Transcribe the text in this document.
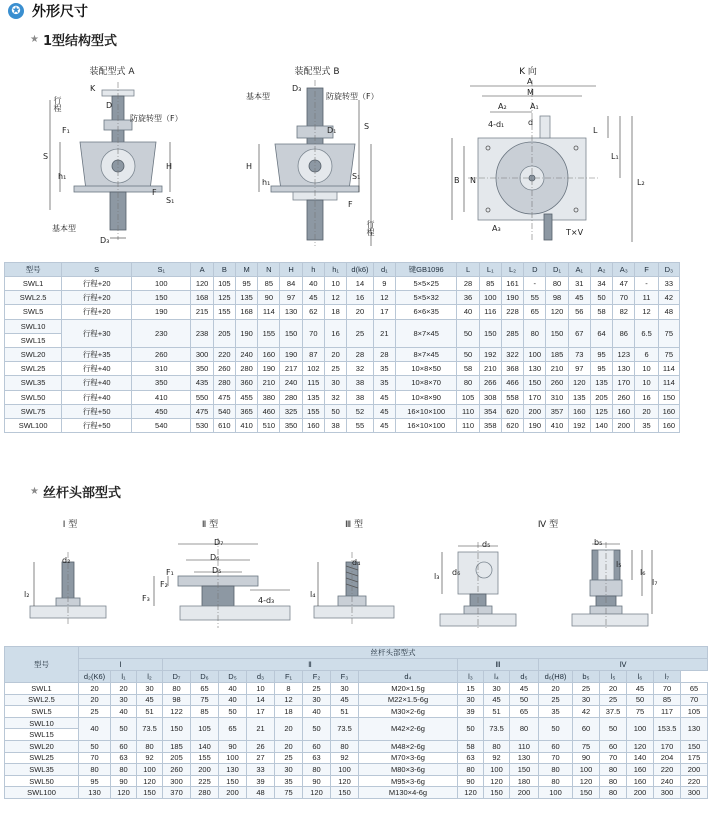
✪ 外形尺寸
★ 1型结构型式
装配型式 A
K
行程
F₁
D
防旋转型（F）
S
h₁
H
F
S₁
基本型
D₃
装配型式 B
基本型
D₃
防旋转型（F）
D₁	S
H
h₁
S₁
F
行程
K 向
A
M
A₂	A₁
4-d₁	d
L
L₁
L₂
B N
A₃	T×V
型号	S	S₁	A	B	M	N	H	h	h₁	d(k6)	d₁	键GB1096	L	L₁	L₂	D	D₁	A₁	A₂	A₃	F	D₃
SWL1	行程+20	100	120	105	95	85	84	40	10	14	9	5×5×25	28	85	161	-	80	31	34	47	-	33
SWL2.5	行程+20	150	168	125	135	90	97	45	12	16	12	5×5×32	36	100	190	55	98	45	50	70	11	42
SWL5	行程+20	190	215	155	168	114	130	62	18	20	17	6×6×35	40	116	228	65	120	56	58	82	12	48
SWL10	行程+30	230	238	205	190	155	150	70	16	25	21	8×7×45	50	150	285	80	150	67	64	86	6.5	75
SWL15																						
SWL20	行程+35	260	300	220	240	160	190	87	20	28	28	8×7×45	50	192	322	100	185	73	95	123	6	75
SWL25	行程+40	310	350	260	280	190	217	102	25	32	35	10×8×50	58	210	368	130	210	97	95	130	10	114
SWL35	行程+40	350	435	280	360	210	240	115	30	38	35	10×8×70	80	266	466	150	260	120	135	170	10	114
SWL50	行程+40	410	550	475	455	380	280	135	32	38	45	10×8×90	105	308	558	170	310	135	205	260	16	150
SWL75	行程+50	450	475	540	365	460	325	155	50	52	45	16×10×100	110	354	620	200	357	160	125	160	20	160
SWL100	行程+50	540	530	610	410	510	350	160	38	55	45	16×10×100	110	358	620	190	410	192	140	200	35	160
★ 丝杆头部型式
Ⅰ 型	Ⅱ 型	Ⅲ 型	Ⅳ 型
d₂
l₂
D₇
D₆
D₅
F₁
F₂
F₃	4-d₃
d₄
l₄
d₅
l₃ d₆
b₅
l₅
l₆
l₇
型号	丝杆头部型式																			
	Ⅰ			Ⅱ								Ⅲ			Ⅳ					
	d₂(K6)	l₁	l₂	D₇	D₆	D₅	d₃	F₁	F₂	F₃	d₄	l₃	l₄	d₅	d₆(H8)	b₅	l₅	l₆	l₇	
SWL1	20	20	30	80	65	40	10	8	25	30	M20×1.5g	15	30	45	20	25	20	45	70	65
SWL2.5	20	30	45	98	75	40	14	12	30	45	M22×1.5-6g	30	45	50	25	30	25	50	85	70
SWL5	25	40	51	122	85	50	17	18	40	51	M30×2-6g	39	51	65	35	42	37.5	75	117	105
SWL10	40	50	73.5	150	105	65	21	20	50	73.5	M42×2-6g	50	73.5	80	50	60	50	100	153.5	130
SWL15																				
SWL20	50	60	80	185	140	90	26	20	60	80	M48×2-6g	58	80	110	60	75	60	120	170	150
SWL25	70	63	92	205	155	100	27	25	63	92	M70×3-6g	63	92	130	70	90	70	140	204	175
SWL35	80	80	100	260	200	130	33	30	80	100	M80×3-6g	80	100	150	80	100	80	160	220	200
SWL50	95	90	120	300	225	150	39	35	90	120	M95×3-6g	90	120	180	80	120	80	160	240	220
SWL100	130	120	150	370	280	200	48	75	120	150	M130×4-6g	120	150	200	100	150	80	200	300	300
